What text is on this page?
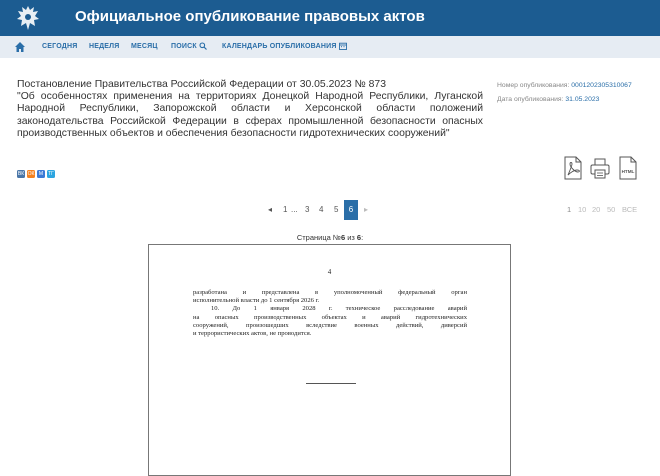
Официальное опубликование правовых актов
СЕГОДНЯ НЕДЕЛЯ МЕСЯЦ ПОИСК	КАЛЕНДАРЬ ОПУБЛИКОВАНИЯ
Постановление Правительства Российской Федерации от 30.05.2023 № 873
"Об особенностях применения на территориях Донецкой Народной Республики, Луганской
Народной Республики, Запорожской области и Херсонской области положений
законодательства Российской Федерации в сферах промышленной безопасности опасных
производственных объектов и обеспечения безопасности гидротехнических сооружений"
Номер опубликования: 0001202305310067
Дата опубликования: 31.05.2023
ВК ОК М	ТГ	HTML
◂ 1 ... 3 4 5	6	▸	1 10 20 50 ВСЕ
Страница №6 из 6:
4
разработана и представлена в уполномоченный федеральный орган
исполнительной власти до 1 сентября 2026 г.
10. До 1 января 2028 г. техническое расследование аварий
на опасных производственных объектах и аварий гидротехнических
сооружений, произошедших вследствие военных действий, диверсий
и террористических актов, не проводится.
